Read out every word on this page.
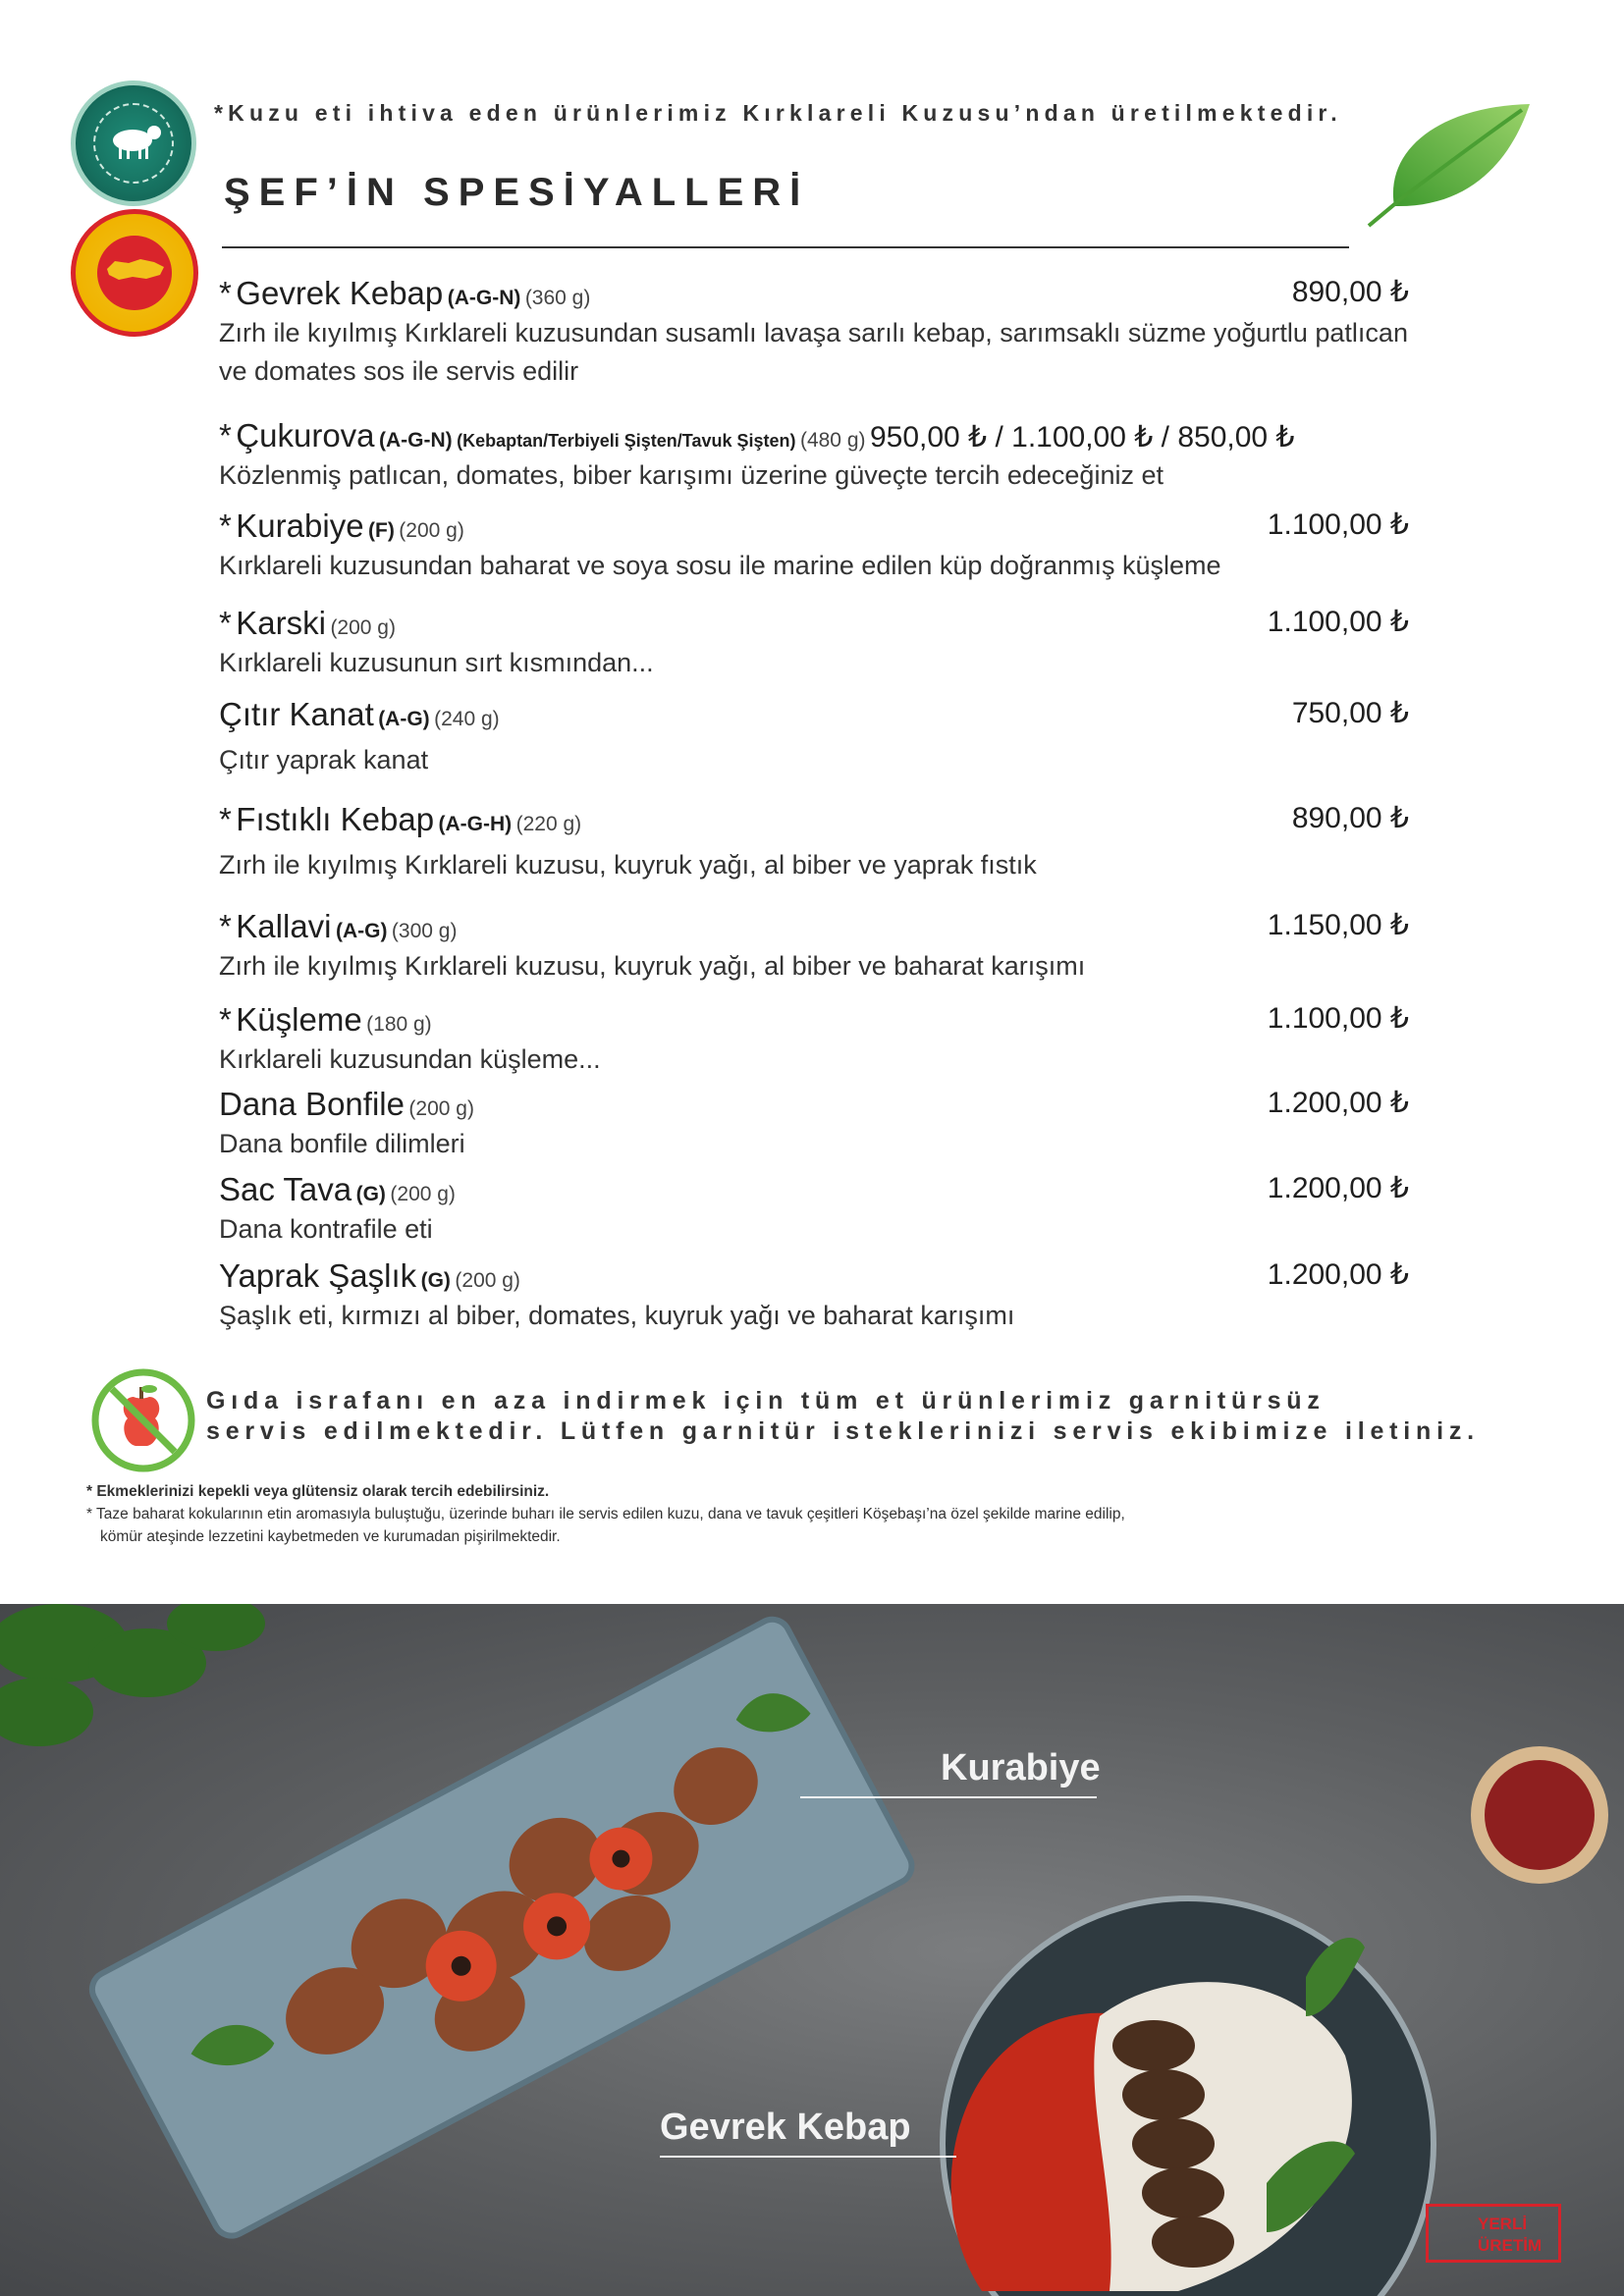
*Kuzu eti ihtiva eden ürünlerimiz Kırklareli Kuzusu’ndan üretilmektedir.
ŞEF’İN SPESİYALLERİ
* Gevrek Kebap (A-G-N) (360 g)	890,00 ₺
Zırh ile kıyılmış Kırklareli kuzusundan susamlı lavaşa sarılı kebap, sarımsaklı süzme yoğurtlu patlıcan ve domates sos ile servis edilir
* Çukurova (A-G-N) (Kebaptan/Terbiyeli Şişten/Tavuk Şişten) (480 g) 950,00 ₺ / 1.100,00 ₺ / 850,00 ₺
Közlenmiş patlıcan, domates, biber karışımı üzerine güveçte tercih edeceğiniz et
* Kurabiye (F) (200 g)	1.100,00 ₺
Kırklareli kuzusundan baharat ve soya sosu ile marine edilen küp doğranmış küşleme
* Karski (200 g)	1.100,00 ₺
Kırklareli kuzusunun sırt kısmından...
Çıtır Kanat (A-G) (240 g)	750,00 ₺
Çıtır yaprak kanat
* Fıstıklı Kebap (A-G-H) (220 g)	890,00 ₺
Zırh ile kıyılmış Kırklareli kuzusu, kuyruk yağı, al biber ve yaprak fıstık
* Kallavi (A-G) (300 g)	1.150,00 ₺
Zırh ile kıyılmış Kırklareli kuzusu, kuyruk yağı, al biber ve baharat karışımı
* Küşleme (180 g)	1.100,00 ₺
Kırklareli kuzusundan küşleme...
Dana Bonfile (200 g)	1.200,00 ₺
Dana bonfile dilimleri
Sac Tava (G) (200 g)	1.200,00 ₺
Dana kontrafile eti
Yaprak Şaşlık (G) (200 g)	1.200,00 ₺
Şaşlık eti, kırmızı al biber, domates, kuyruk yağı ve baharat karışımı
Gıda israfanı en aza indirmek için tüm et ürünlerimiz garnitürsüz
servis edilmektedir. Lütfen garnitür isteklerinizi servis ekibimize iletiniz.
* Ekmeklerinizi kepekli veya glütensiz olarak tercih edebilirsiniz.
* Taze baharat kokularının etin aromasıyla buluştuğu, üzerinde buharı ile servis edilen kuzu, dana ve tavuk çeşitleri Köşebaşı’na özel şekilde marine edilip,
kömür ateşinde lezzetini kaybetmeden ve kurumadan pişirilmektedir.
Kurabiye
Gevrek Kebap
YERLİ
ÜRETİM
